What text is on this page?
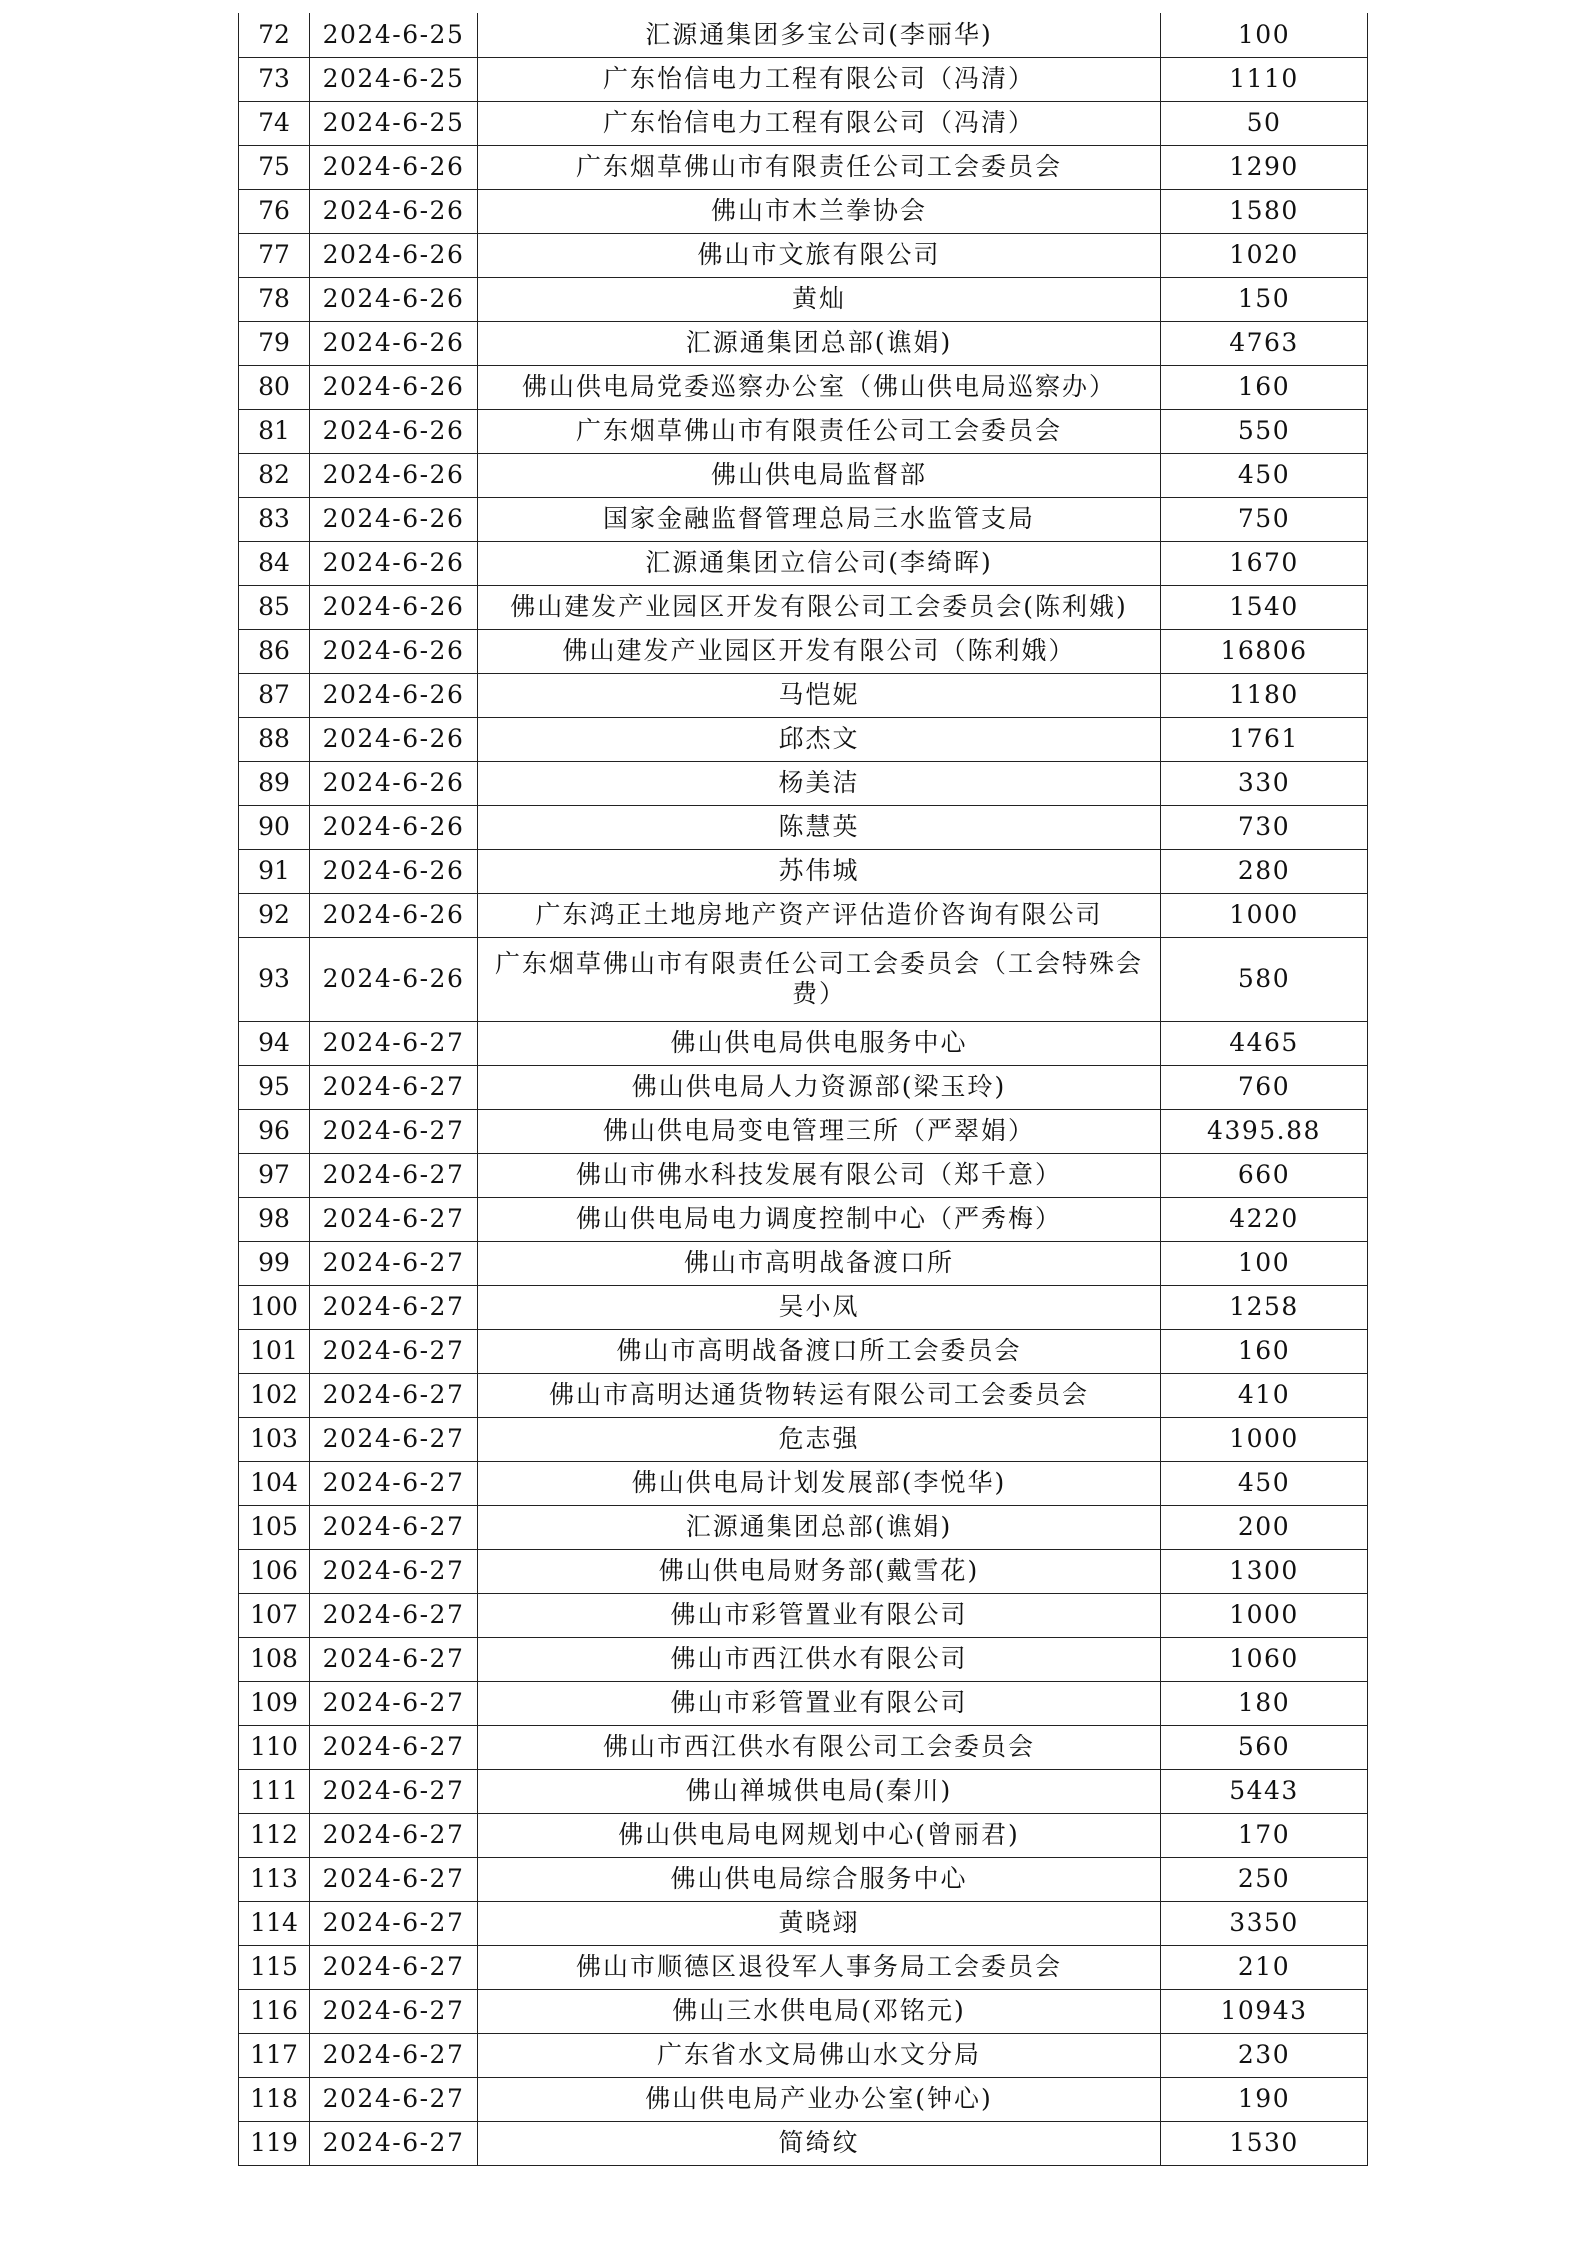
72	2024-6-25	汇源通集团多宝公司(李丽华)	100
73	2024-6-25	广东怡信电力工程有限公司（冯清）	1110
74	2024-6-25	广东怡信电力工程有限公司（冯清）	50
75	2024-6-26	广东烟草佛山市有限责任公司工会委员会	1290
76	2024-6-26	佛山市木兰拳协会	1580
77	2024-6-26	佛山市文旅有限公司	1020
78	2024-6-26	黄灿	150
79	2024-6-26	汇源通集团总部(谯娟)	4763
80	2024-6-26	佛山供电局党委巡察办公室（佛山供电局巡察办）	160
81	2024-6-26	广东烟草佛山市有限责任公司工会委员会	550
82	2024-6-26	佛山供电局监督部	450
83	2024-6-26	国家金融监督管理总局三水监管支局	750
84	2024-6-26	汇源通集团立信公司(李绮晖)	1670
85	2024-6-26	佛山建发产业园区开发有限公司工会委员会(陈利娥)	1540
86	2024-6-26	佛山建发产业园区开发有限公司（陈利娥）	16806
87	2024-6-26	马恺妮	1180
88	2024-6-26	邱杰文	1761
89	2024-6-26	杨美洁	330
90	2024-6-26	陈慧英	730
91	2024-6-26	苏伟城	280
92	2024-6-26	广东鸿正土地房地产资产评估造价咨询有限公司	1000
93	2024-6-26	广东烟草佛山市有限责任公司工会委员会（工会特殊会费）	580
94	2024-6-27	佛山供电局供电服务中心	4465
95	2024-6-27	佛山供电局人力资源部(梁玉玲)	760
96	2024-6-27	佛山供电局变电管理三所（严翠娟）	4395.88
97	2024-6-27	佛山市佛水科技发展有限公司（郑千意）	660
98	2024-6-27	佛山供电局电力调度控制中心（严秀梅）	4220
99	2024-6-27	佛山市高明战备渡口所	100
100	2024-6-27	吴小凤	1258
101	2024-6-27	佛山市高明战备渡口所工会委员会	160
102	2024-6-27	佛山市高明达通货物转运有限公司工会委员会	410
103	2024-6-27	危志强	1000
104	2024-6-27	佛山供电局计划发展部(李悦华)	450
105	2024-6-27	汇源通集团总部(谯娟)	200
106	2024-6-27	佛山供电局财务部(戴雪花)	1300
107	2024-6-27	佛山市彩管置业有限公司	1000
108	2024-6-27	佛山市西江供水有限公司	1060
109	2024-6-27	佛山市彩管置业有限公司	180
110	2024-6-27	佛山市西江供水有限公司工会委员会	560
111	2024-6-27	佛山禅城供电局(秦川)	5443
112	2024-6-27	佛山供电局电网规划中心(曾丽君)	170
113	2024-6-27	佛山供电局综合服务中心	250
114	2024-6-27	黄晓翊	3350
115	2024-6-27	佛山市顺德区退役军人事务局工会委员会	210
116	2024-6-27	佛山三水供电局(邓铭元)	10943
117	2024-6-27	广东省水文局佛山水文分局	230
118	2024-6-27	佛山供电局产业办公室(钟心)	190
119	2024-6-27	简绮纹	1530
